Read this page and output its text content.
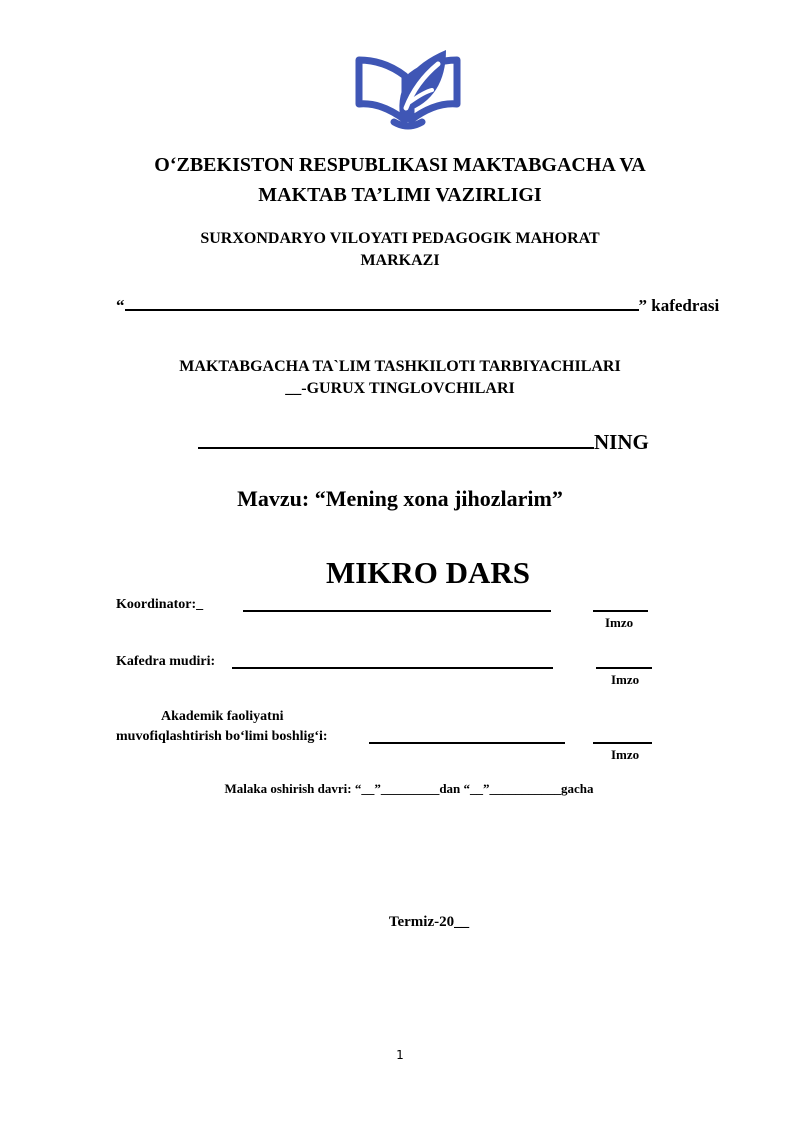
O‘ZBEKISTON RESPUBLIKASI MAKTABGACHA VA
MAKTAB TA’LIMI VAZIRLIGI
SURXONDARYO VILOYATI PEDAGOGIK MAHORAT
MARKAZI
“	” kafedrasi
MAKTABGACHA TA`LIM TASHKILOTI TARBIYACHILARI
__-GURUX TINGLOVCHILARI
NING
Mavzu: “Mening xona jihozlarim”
MIKRO DARS
Koordinator:_
Imzo
Kafedra mudiri:
Imzo
Akademik faoliyatni
muvofiqlashtirish bo‘limi boshlig‘i:
Imzo
Malaka oshirish davri: “__”_________dan “__”___________gacha
Termiz-20__
1
